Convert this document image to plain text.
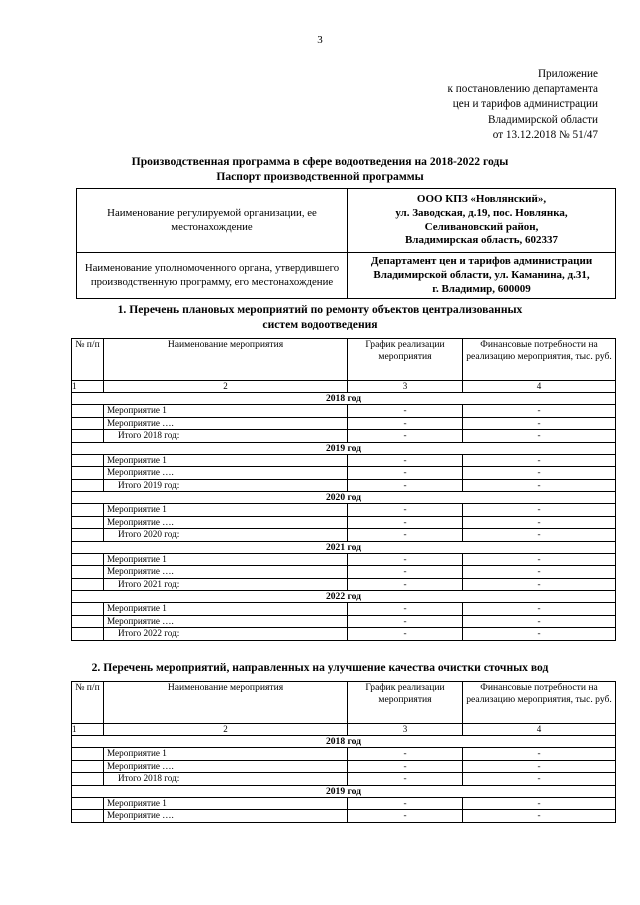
3
Приложение
к постановлению департамента
цен и тарифов администрации
Владимирской области
от 13.12.2018 № 51/47
Производственная программа в сфере водоотведения на 2018-2022 годы
Паспорт производственной программы
Наименование регулируемой организации, ее местонахождение	ООО КПЗ «Новлянский»,
ул. Заводская, д.19, пос. Новлянка,
Селивановский район,
Владимирская область, 602337

Наименование уполномоченного органа, утвердившего производственную программу, его местонахождение	Департамент цен и тарифов администрации
Владимирской области, ул. Каманина, д.31,
г. Владимир, 600009
1. Перечень плановых мероприятий по ремонту объектов централизованных
систем водоотведения
№ п/п	Наименование мероприятия	График реализации мероприятия	Финансовые потребности на реализацию мероприятия, тыс. руб.
1	2	3	4
2018 год			
	Мероприятие 1	-	-
	Мероприятие ….	-	-
	Итого 2018 год:	-	-
2019 год			
	Мероприятие 1	-	-
	Мероприятие ….	-	-
	Итого 2019 год:	-	-
2020 год			
	Мероприятие 1	-	-
	Мероприятие ….	-	-
	Итого 2020 год:	-	-
2021 год			
	Мероприятие 1	-	-
	Мероприятие ….	-	-
	Итого 2021 год:	-	-
2022 год			
	Мероприятие 1	-	-
	Мероприятие ….	-	-
	Итого 2022 год:	-	-
2. Перечень мероприятий, направленных на улучшение качества очистки сточных вод
№ п/п	Наименование мероприятия	График реализации мероприятия	Финансовые потребности на реализацию мероприятия, тыс. руб.
1	2	3	4
2018 год			
	Мероприятие 1	-	-
	Мероприятие ….	-	-
	Итого 2018 год:	-	-
2019 год			
	Мероприятие 1	-	-
	Мероприятие ….	-	-
